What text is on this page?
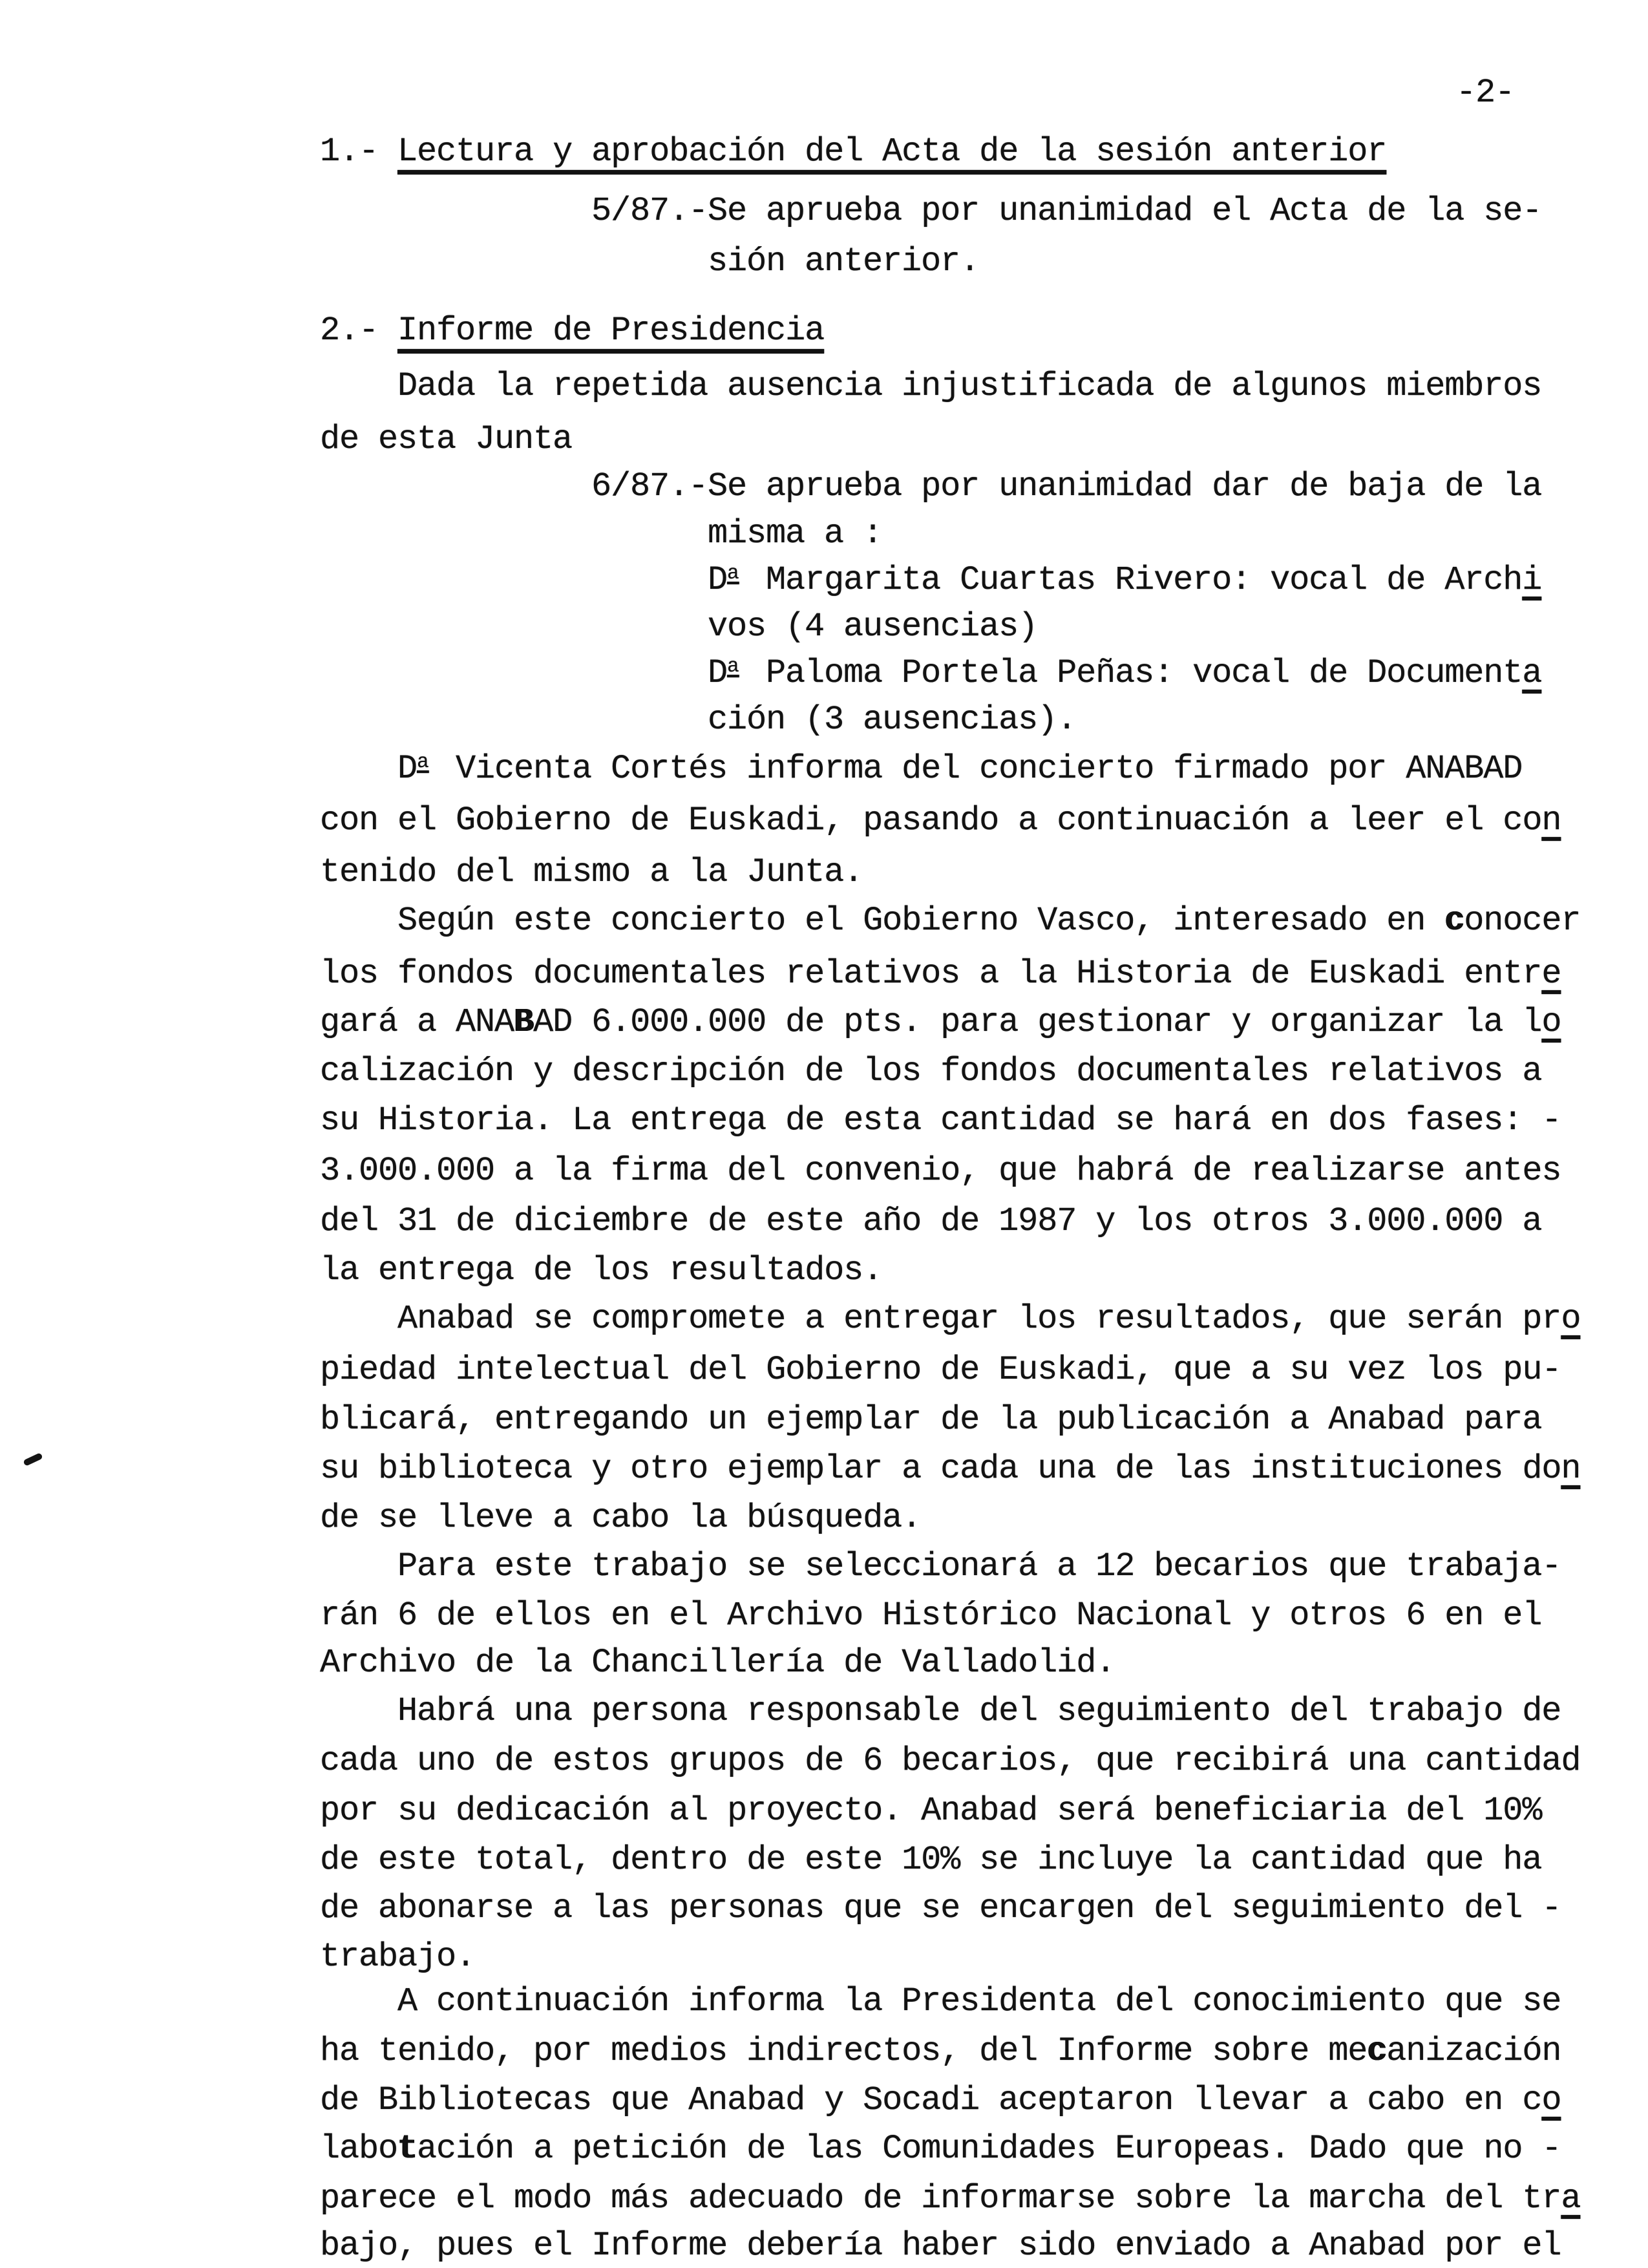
-2-
1.- Lectura y aprobación del Acta de la sesión anterior
5/87.-Se aprueba por unanimidad el Acta de la se-
sión anterior.
2.- Informe de Presidencia
Dada la repetida ausencia injustificada de algunos miembros
de esta Junta
6/87.-Se aprueba por unanimidad dar de baja de la
misma a :
Da Margarita Cuartas Rivero: vocal de Archi
vos (4 ausencias)
Da Paloma Portela Peñas: vocal de Documenta
ción (3 ausencias).
Da Vicenta Cortés informa del concierto firmado por ANABAD
con el Gobierno de Euskadi, pasando a continuación a leer el con
tenido del mismo a la Junta.
Según este concierto el Gobierno Vasco, interesado en conocer
los fondos documentales relativos a la Historia de Euskadi entre
gará a ANABAD 6.000.000 de pts. para gestionar y organizar la lo
calización y descripción de los fondos documentales relativos a
su Historia. La entrega de esta cantidad se hará en dos fases: -
3.000.000 a la firma del convenio, que habrá de realizarse antes
del 31 de diciembre de este año de 1987 y los otros 3.000.000 a
la entrega de los resultados.
Anabad se compromete a entregar los resultados, que serán pro
piedad intelectual del Gobierno de Euskadi, que a su vez los pu-
blicará, entregando un ejemplar de la publicación a Anabad para
su biblioteca y otro ejemplar a cada una de las instituciones don
de se lleve a cabo la búsqueda.
Para este trabajo se seleccionará a 12 becarios que trabaja-
rán 6 de ellos en el Archivo Histórico Nacional y otros 6 en el
Archivo de la Chancillería de Valladolid.
Habrá una persona responsable del seguimiento del trabajo de
cada uno de estos grupos de 6 becarios, que recibirá una cantidad
por su dedicación al proyecto. Anabad será beneficiaria del 10%
de este total, dentro de este 10% se incluye la cantidad que ha
de abonarse a las personas que se encargen del seguimiento del -
trabajo.
A continuación informa la Presidenta del conocimiento que se
ha tenido, por medios indirectos, del Informe sobre mecanización
de Bibliotecas que Anabad y Socadi aceptaron llevar a cabo en co
labotación a petición de las Comunidades Europeas. Dado que no -
parece el modo más adecuado de informarse sobre la marcha del tra
bajo, pues el Informe debería haber sido enviado a Anabad por el
